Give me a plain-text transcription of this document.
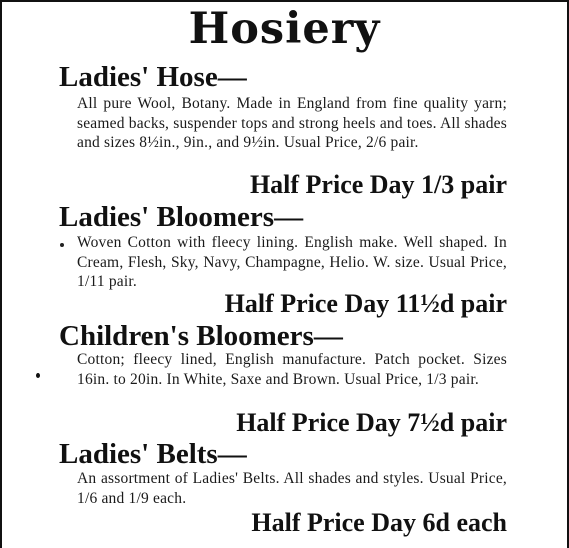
Hosiery
Ladies' Hose—
All pure Wool, Botany. Made in England from fine quality yarn; seamed backs, suspender tops and strong heels and toes. All shades and sizes 8½in., 9in., and 9½in. Usual Price, 2/6 pair.
Half Price Day 1/3 pair
Ladies' Bloomers—
Woven Cotton with fleecy lining. English make. Well shaped. In Cream, Flesh, Sky, Navy, Champagne, Helio. W. size. Usual Price, 1/11 pair.
Half Price Day 11½d pair
Children's Bloomers—
Cotton; fleecy lined, English manufacture. Patch pocket. Sizes 16in. to 20in. In White, Saxe and Brown. Usual Price, 1/3 pair.
Half Price Day 7½d pair
Ladies' Belts—
An assortment of Ladies' Belts. All shades and styles. Usual Price, 1/6 and 1/9 each.
Half Price Day 6d each
